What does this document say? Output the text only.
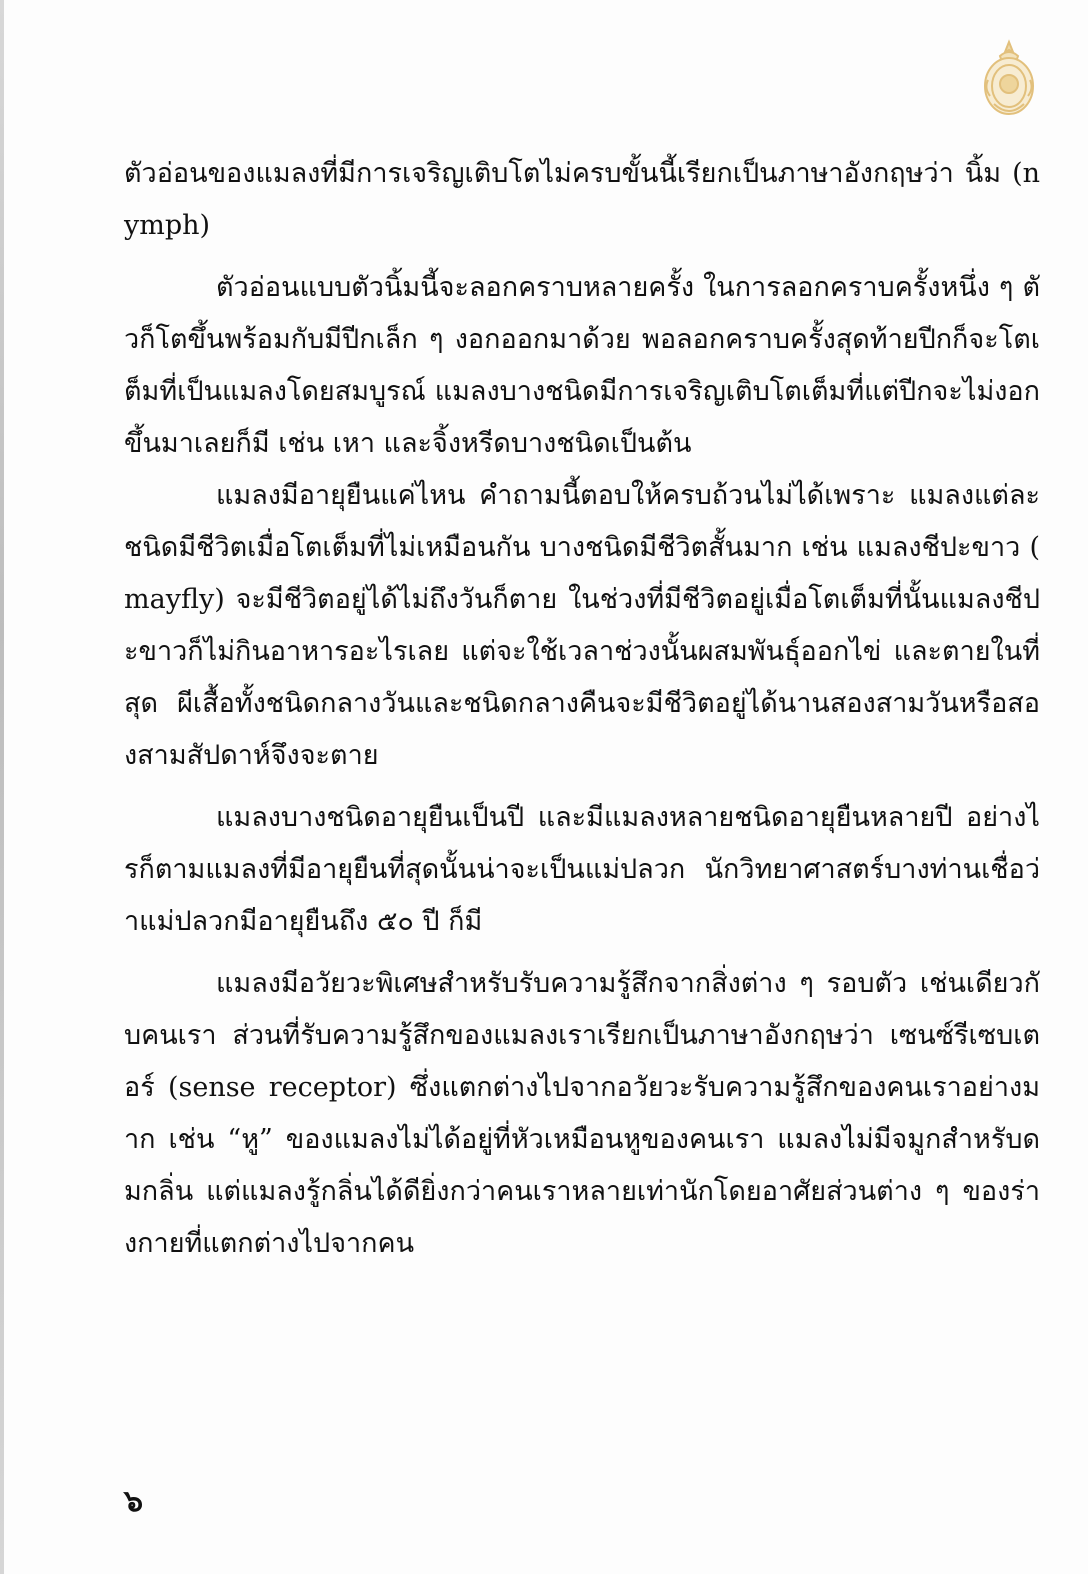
ตัวอ่อนของแมลงที่มีการเจริญเติบโตไม่ครบขั้นนี้เรียกเป็นภาษาอังกฤษว่า นิ้ม (nymph)

ตัวอ่อนแบบตัวนิ้มนี้จะลอกคราบหลายครั้ง ในการลอกคราบครั้งหนึ่ง ๆ ตัวก็โตขึ้นพร้อมกับมีปีกเล็ก ๆ งอกออกมาด้วย พอลอกคราบครั้งสุดท้ายปีกก็จะโตเต็มที่เป็นแมลงโดยสมบูรณ์ แมลงบางชนิดมีการเจริญเติบโตเต็มที่แต่ปีกจะไม่งอกขึ้นมาเลยก็มี เช่น เหา และจิ้งหรีดบางชนิดเป็นต้น

แมลงมีอายุยืนแค่ไหน คำถามนี้ตอบให้ครบถ้วนไม่ได้เพราะ แมลงแต่ละชนิดมีชีวิตเมื่อโตเต็มที่ไม่เหมือนกัน บางชนิดมีชีวิตสั้นมาก เช่น แมลงชีปะขาว (mayfly) จะมีชีวิตอยู่ได้ไม่ถึงวันก็ตาย ในช่วงที่มีชีวิตอยู่เมื่อโตเต็มที่นั้นแมลงชีปะขาวก็ไม่กินอาหารอะไรเลย แต่จะใช้เวลาช่วงนั้นผสมพันธุ์ออกไข่ และตายในที่สุด ผีเสื้อทั้งชนิดกลางวันและชนิดกลางคืนจะมีชีวิตอยู่ได้นานสองสามวันหรือสองสามสัปดาห์จึงจะตาย

แมลงบางชนิดอายุยืนเป็นปี และมีแมลงหลายชนิดอายุยืนหลายปี อย่างไรก็ตามแมลงที่มีอายุยืนที่สุดนั้นน่าจะเป็นแม่ปลวก นักวิทยาศาสตร์บางท่านเชื่อว่าแม่ปลวกมีอายุยืนถึง ๕๐ ปี ก็มี

แมลงมีอวัยวะพิเศษสำหรับรับความรู้สึกจากสิ่งต่าง ๆ รอบตัว เช่นเดียวกับคนเรา ส่วนที่รับความรู้สึกของแมลงเราเรียกเป็นภาษาอังกฤษว่า เซนซ์รีเซบเตอร์ (sense receptor) ซึ่งแตกต่างไปจากอวัยวะรับความรู้สึกของคนเราอย่างมาก เช่น “หู” ของแมลงไม่ได้อยู่ที่หัวเหมือนหูของคนเรา แมลงไม่มีจมูกสำหรับดมกลิ่น แต่แมลงรู้กลิ่นได้ดียิ่งกว่าคนเราหลายเท่านักโดยอาศัยส่วนต่าง ๆ ของร่างกายที่แตกต่างไปจากคน

๖
